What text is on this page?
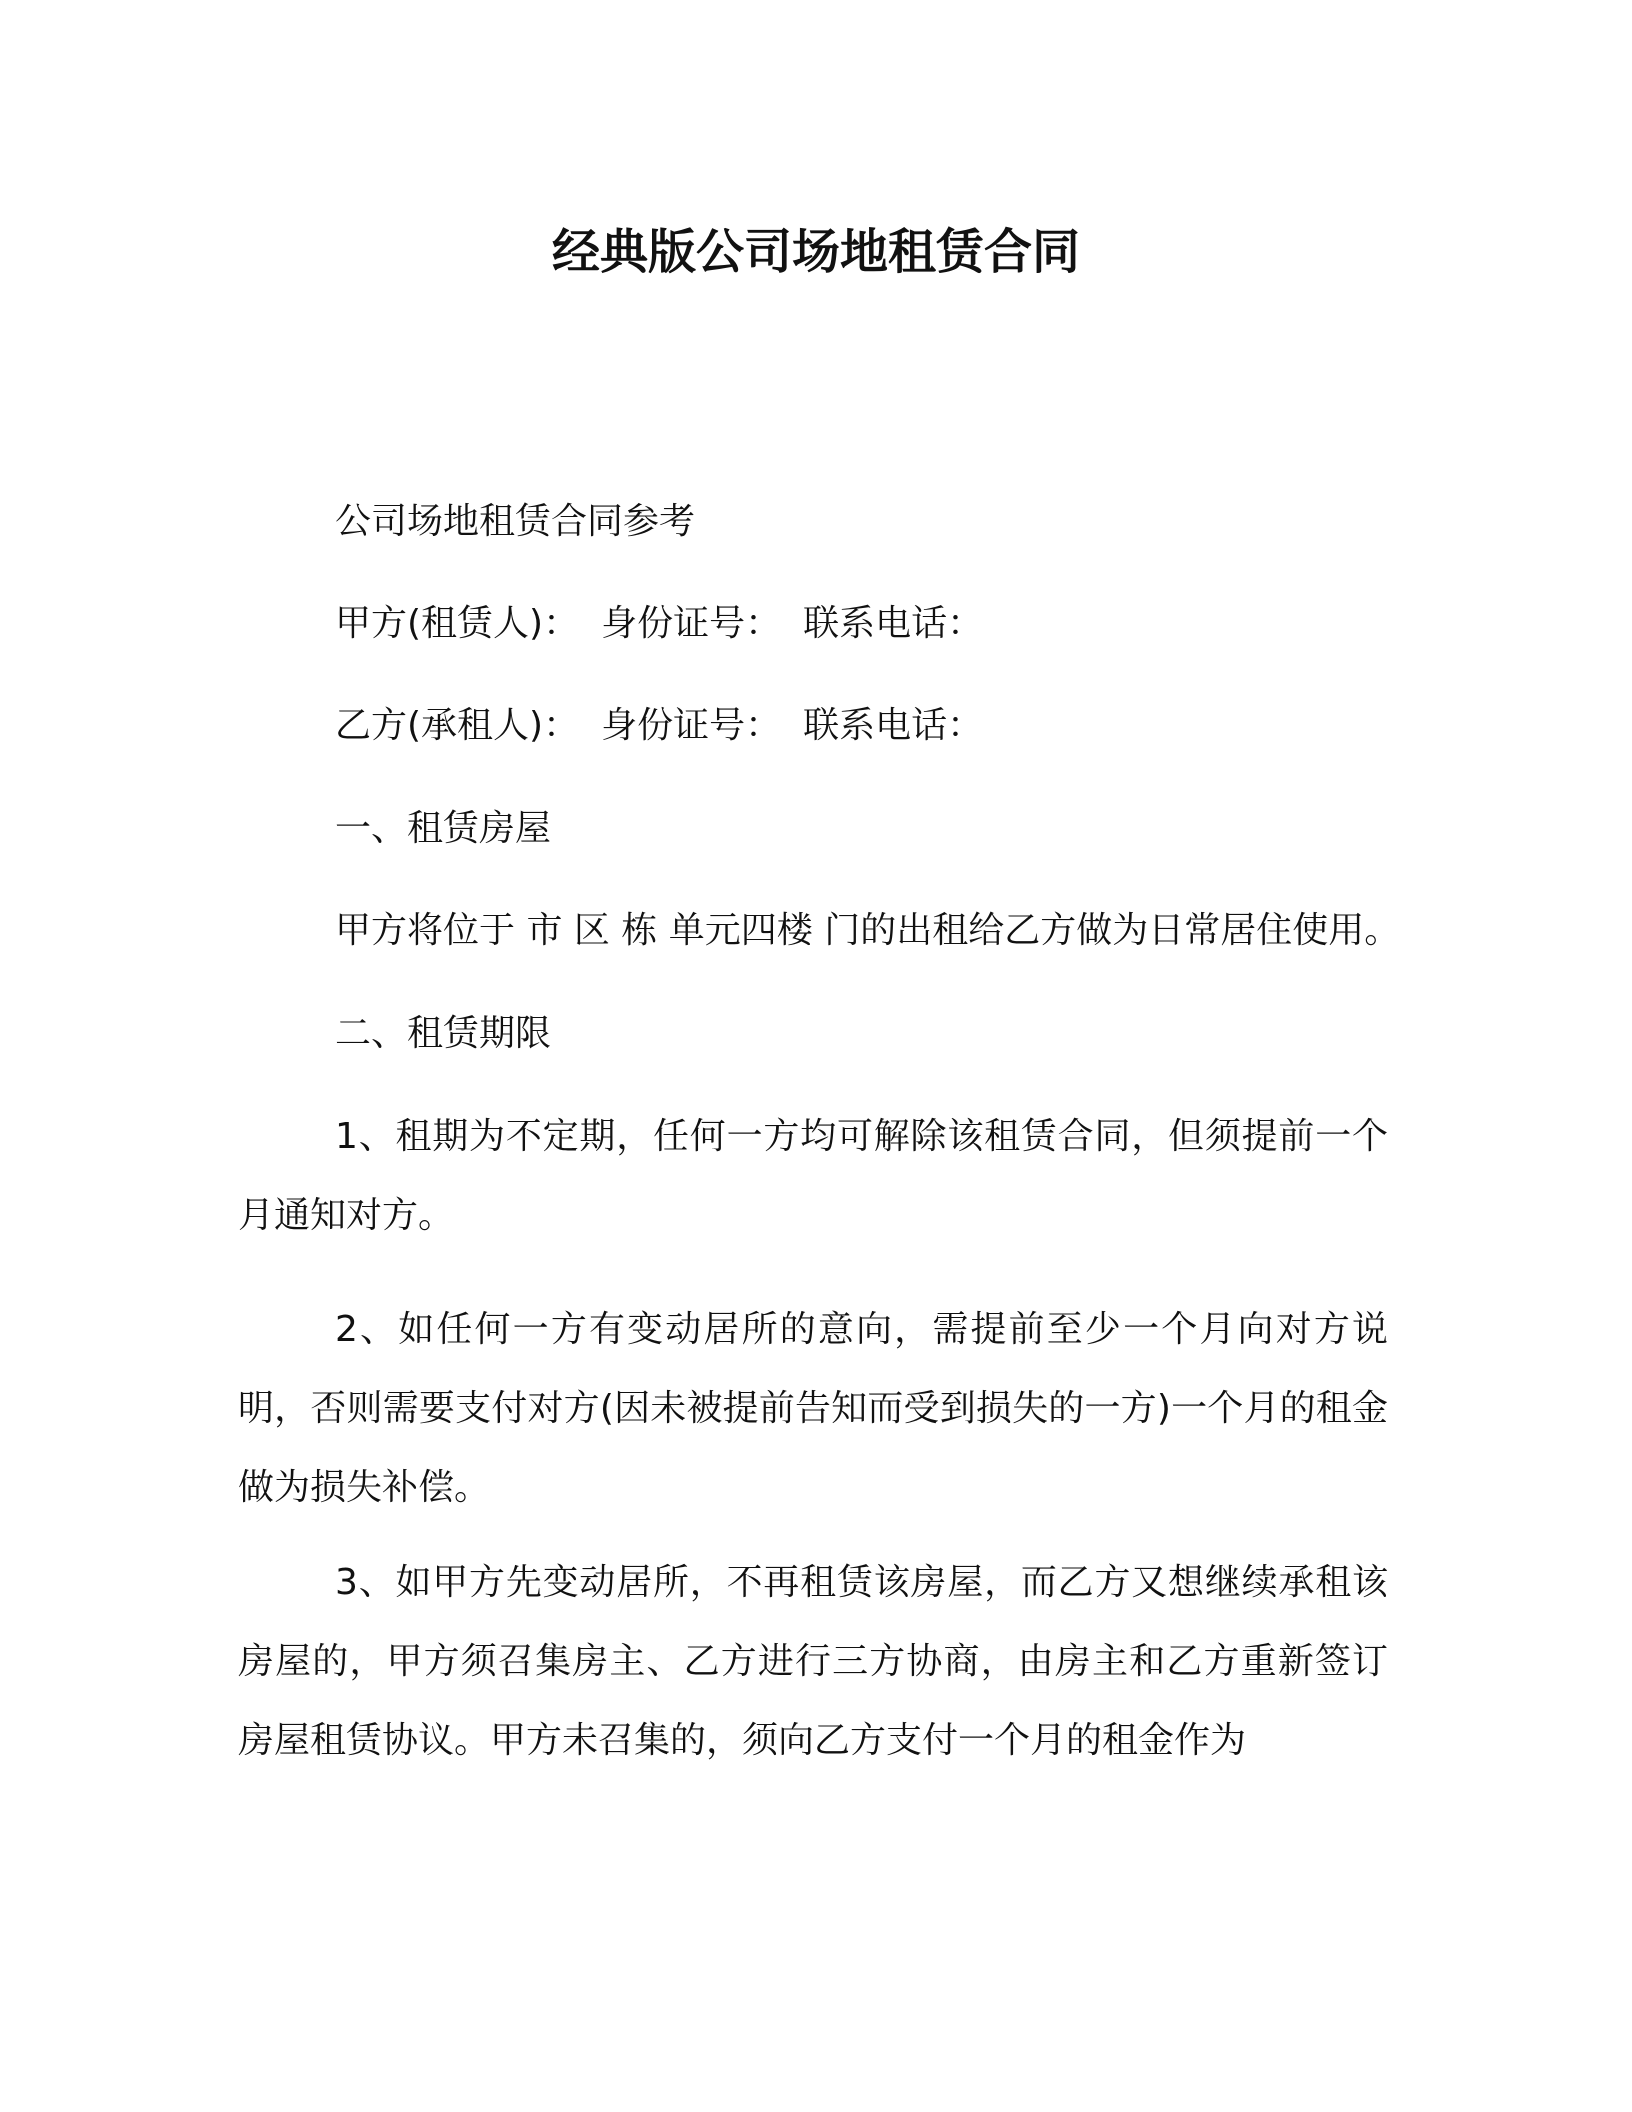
经典版公司场地租赁合同
公司场地租赁合同参考
甲方(租赁人)： 身份证号： 联系电话：
乙方(承租人)： 身份证号： 联系电话：
一、租赁房屋
甲方将位于 市 区 栋 单元四楼 门的出租给乙方做为日常居住使用。
二、租赁期限
1、租期为不定期，任何一方均可解除该租赁合同，但须提前一个月通知对方。
2、如任何一方有变动居所的意向，需提前至少一个月向对方说明，否则需要支付对方(因未被提前告知而受到损失的一方)一个月的租金做为损失补偿。
3、如甲方先变动居所，不再租赁该房屋，而乙方又想继续承租该房屋的，甲方须召集房主、乙方进行三方协商，由房主和乙方重新签订房屋租赁协议。甲方未召集的，须向乙方支付一个月的租金作为
